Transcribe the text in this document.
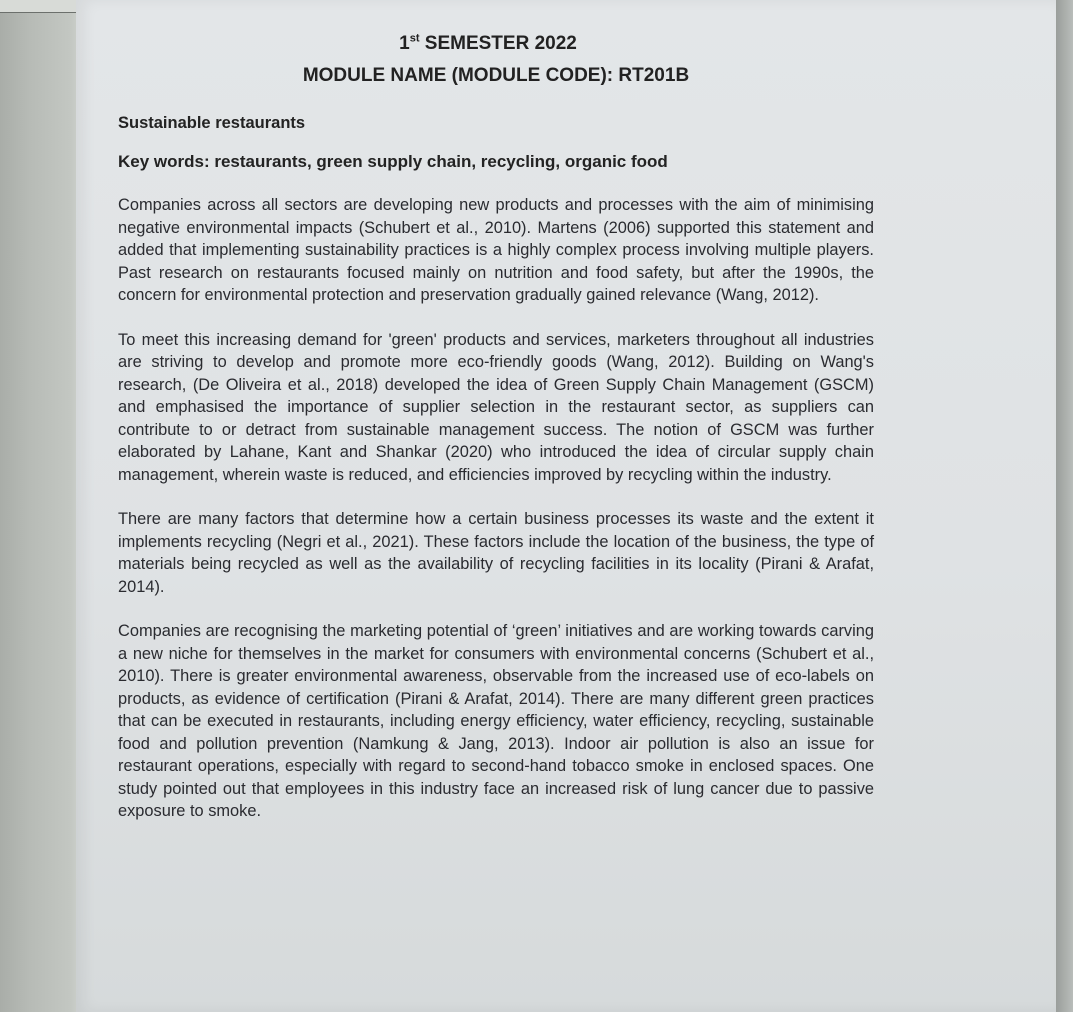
1st SEMESTER 2022
MODULE NAME (MODULE CODE): RT201B
Sustainable restaurants
Key words: restaurants, green supply chain, recycling, organic food

Companies across all sectors are developing new products and processes with the aim of minimising negative environmental impacts (Schubert et al., 2010). Martens (2006) supported this statement and added that implementing sustainability practices is a highly complex process involving multiple players. Past research on restaurants focused mainly on nutrition and food safety, but after the 1990s, the concern for environmental protection and preservation gradually gained relevance (Wang, 2012).

To meet this increasing demand for 'green' products and services, marketers throughout all industries are striving to develop and promote more eco-friendly goods (Wang, 2012). Building on Wang's research, (De Oliveira et al., 2018) developed the idea of Green Supply Chain Management (GSCM) and emphasised the importance of supplier selection in the restaurant sector, as suppliers can contribute to or detract from sustainable management success. The notion of GSCM was further elaborated by Lahane, Kant and Shankar (2020) who introduced the idea of circular supply chain management, wherein waste is reduced, and efficiencies improved by recycling within the industry.

There are many factors that determine how a certain business processes its waste and the extent it implements recycling (Negri et al., 2021). These factors include the location of the business, the type of materials being recycled as well as the availability of recycling facilities in its locality (Pirani & Arafat, 2014).

Companies are recognising the marketing potential of ‘green’ initiatives and are working towards carving a new niche for themselves in the market for consumers with environmental concerns (Schubert et al., 2010). There is greater environmental awareness, observable from the increased use of eco-labels on products, as evidence of certification (Pirani & Arafat, 2014). There are many different green practices that can be executed in restaurants, including energy efficiency, water efficiency, recycling, sustainable food and pollution prevention (Namkung & Jang, 2013). Indoor air pollution is also an issue for restaurant operations, especially with regard to second-hand tobacco smoke in enclosed spaces. One study pointed out that employees in this industry face an increased risk of lung cancer due to passive exposure to smoke.
